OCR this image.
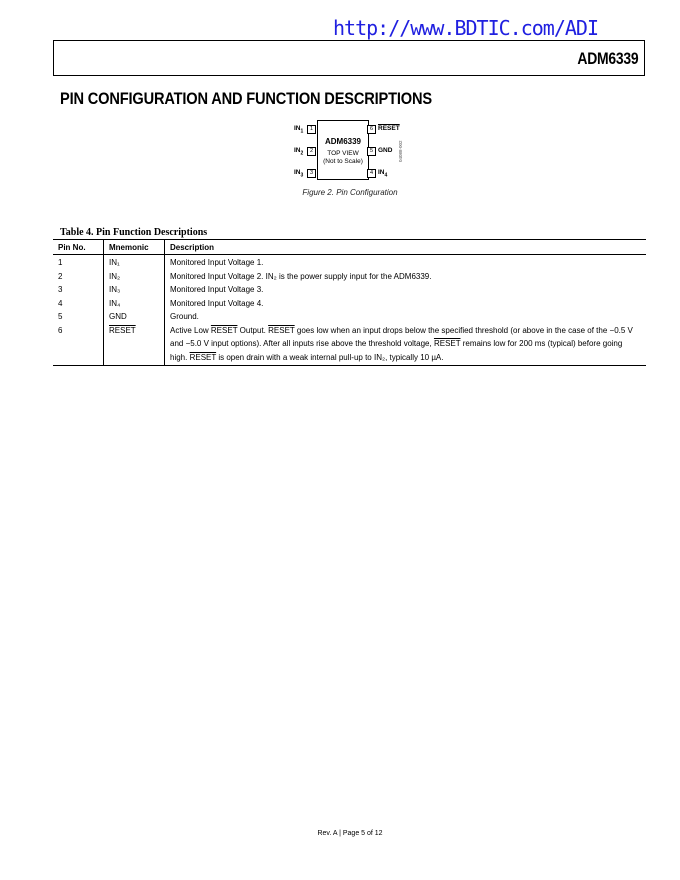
http://www.BDTIC.com/ADI
ADM6339
PIN CONFIGURATION AND FUNCTION DESCRIPTIONS
ADM6339
TOP VIEW
(Not to Scale)
1
2
3	4
5
6
$IN_1$
$IN_2$
$IN_3$	$IN_4$
GND
RESET
04088-002
Figure 2. Pin Configuration
Table 4. Pin Function Descriptions
Pin No.	Mnemonic	Description
1	IN₁	Monitored Input Voltage 1.
2	IN₂	Monitored Input Voltage 2. IN₂ is the power supply input for the ADM6339.
3	IN₃	Monitored Input Voltage 3.
4	IN₄	Monitored Input Voltage 4.
5	GND	Ground.
6	RESET	Active Low RESET Output. RESET goes low when an input drops below the specified threshold (or above in the case of the −0.5 V and −5.0 V input options). After all inputs rise above the threshold voltage, RESET remains low for 200 ms (typical) before going high. RESET is open drain with a weak internal pull-up to IN₂, typically 10 µA.
Rev. A | Page 5 of 12
